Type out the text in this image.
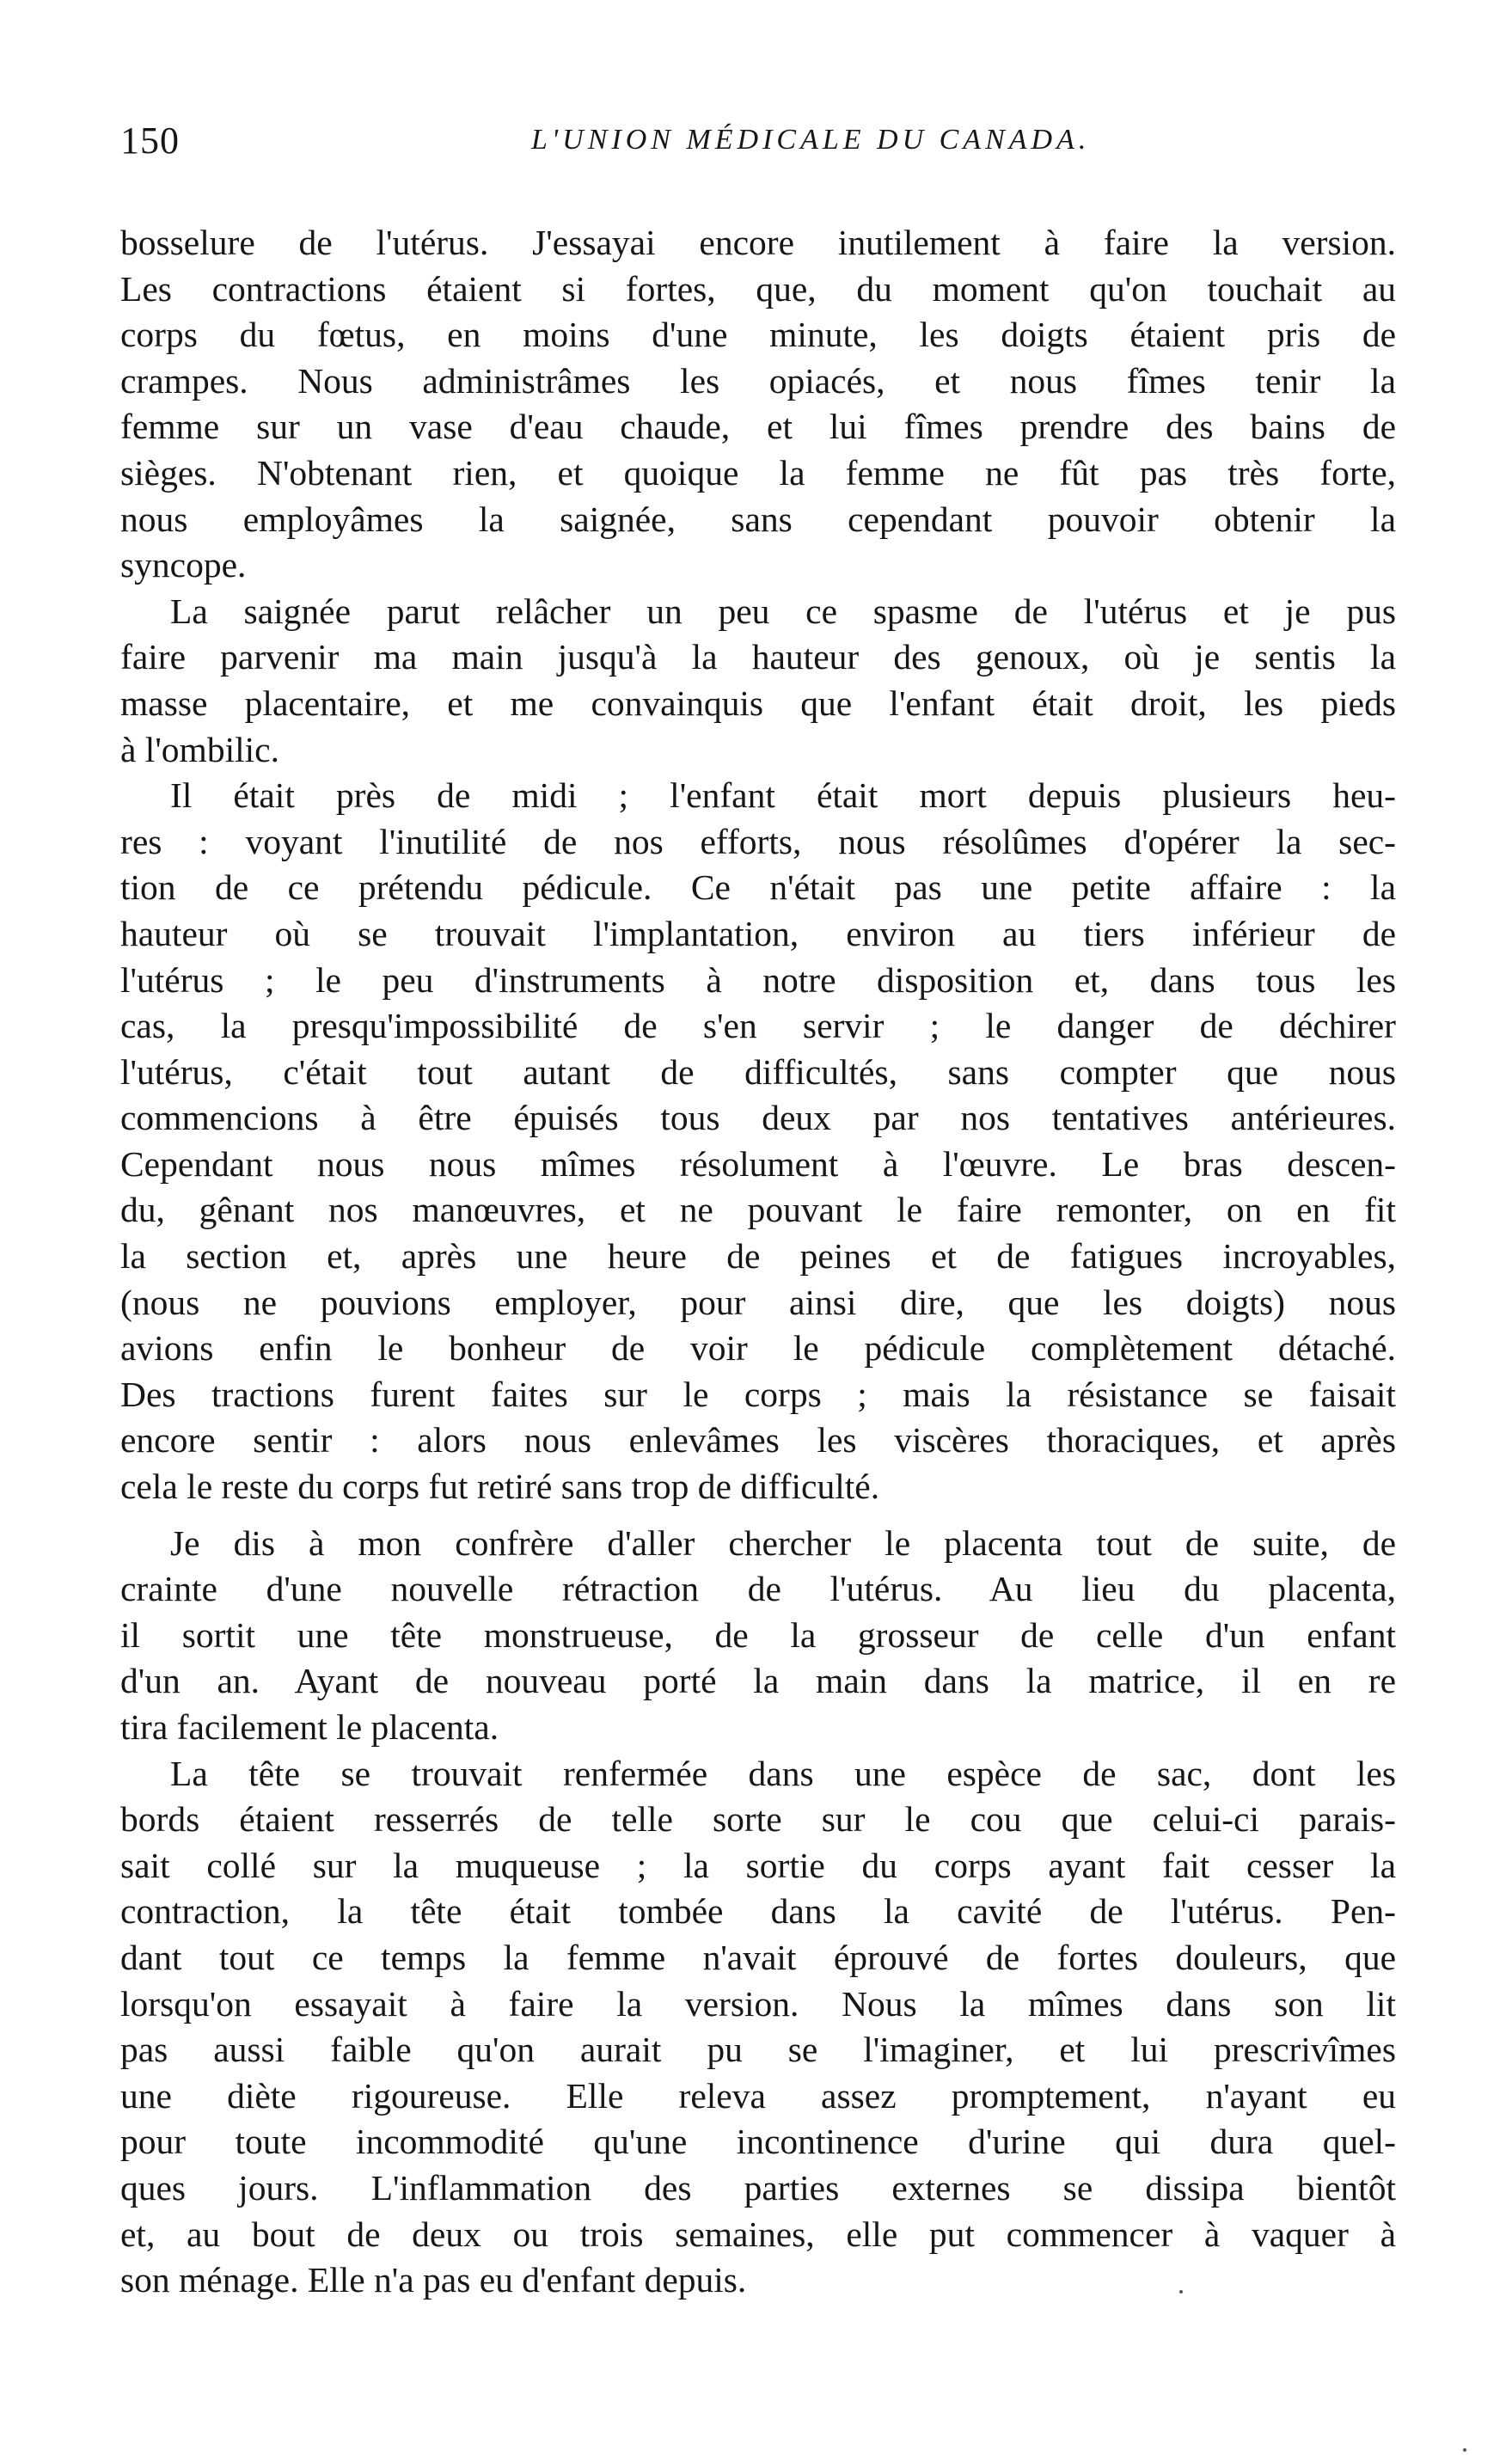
150	L'UNION MÉDICALE DU CANADA.
bosselure de l'utérus. J'essayai encore inutilement à faire la version.
Les contractions étaient si fortes, que, du moment qu'on touchait au
corps du fœtus, en moins d'une minute, les doigts étaient pris de
crampes. Nous administrâmes les opiacés, et nous fîmes tenir la
femme sur un vase d'eau chaude, et lui fîmes prendre des bains de
sièges. N'obtenant rien, et quoique la femme ne fût pas très forte,
nous employâmes la saignée, sans cependant pouvoir obtenir la
syncope.
La saignée parut relâcher un peu ce spasme de l'utérus et je pus
faire parvenir ma main jusqu'à la hauteur des genoux, où je sentis la
masse placentaire, et me convainquis que l'enfant était droit, les pieds
à l'ombilic.
Il était près de midi ; l'enfant était mort depuis plusieurs heu-
res : voyant l'inutilité de nos efforts, nous résolûmes d'opérer la sec-
tion de ce prétendu pédicule. Ce n'était pas une petite affaire : la
hauteur où se trouvait l'implantation, environ au tiers inférieur de
l'utérus ; le peu d'instruments à notre disposition et, dans tous les
cas, la presqu'impossibilité de s'en servir ; le danger de déchirer
l'utérus, c'était tout autant de difficultés, sans compter que nous
commencions à être épuisés tous deux par nos tentatives antérieures.
Cependant nous nous mîmes résolument à l'œuvre. Le bras descen-
du, gênant nos manœuvres, et ne pouvant le faire remonter, on en fit
la section et, après une heure de peines et de fatigues incroyables,
(nous ne pouvions employer, pour ainsi dire, que les doigts) nous
avions enfin le bonheur de voir le pédicule complètement détaché.
Des tractions furent faites sur le corps ; mais la résistance se faisait
encore sentir : alors nous enlevâmes les viscères thoraciques, et après
cela le reste du corps fut retiré sans trop de difficulté.
Je dis à mon confrère d'aller chercher le placenta tout de suite, de
crainte d'une nouvelle rétraction de l'utérus. Au lieu du placenta,
il sortit une tête monstrueuse, de la grosseur de celle d'un enfant
d'un an. Ayant de nouveau porté la main dans la matrice, il en re
tira facilement le placenta.
La tête se trouvait renfermée dans une espèce de sac, dont les
bords étaient resserrés de telle sorte sur le cou que celui-ci parais-
sait collé sur la muqueuse ; la sortie du corps ayant fait cesser la
contraction, la tête était tombée dans la cavité de l'utérus. Pen-
dant tout ce temps la femme n'avait éprouvé de fortes douleurs, que
lorsqu'on essayait à faire la version. Nous la mîmes dans son lit
pas aussi faible qu'on aurait pu se l'imaginer, et lui prescrivîmes
une diète rigoureuse. Elle releva assez promptement, n'ayant eu
pour toute incommodité qu'une incontinence d'urine qui dura quel-
ques jours. L'inflammation des parties externes se dissipa bientôt
et, au bout de deux ou trois semaines, elle put commencer à vaquer à
son ménage. Elle n'a pas eu d'enfant depuis.
